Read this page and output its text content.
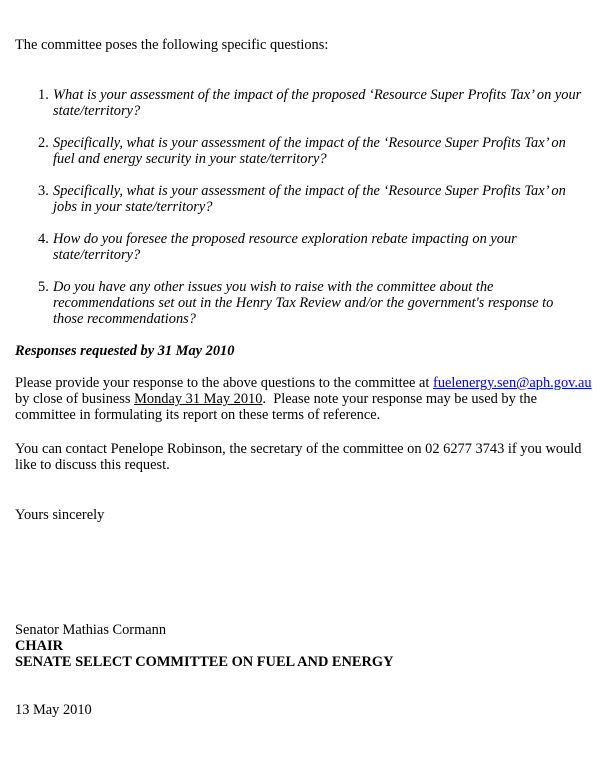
The committee poses the following specific questions:
1. What is your assessment of the impact of the proposed ‘Resource Super Profits Tax’ on your
state/territory?
2. Specifically, what is your assessment of the impact of the ‘Resource Super Profits Tax’ on
fuel and energy security in your state/territory?
3. Specifically, what is your assessment of the impact of the ‘Resource Super Profits Tax’ on
jobs in your state/territory?
4. How do you foresee the proposed resource exploration rebate impacting on your
state/territory?
5. Do you have any other issues you wish to raise with the committee about the
recommendations set out in the Henry Tax Review and/or the government's response to
those recommendations?
Responses requested by 31 May 2010
Please provide your response to the above questions to the committee at fuelenergy.sen@aph.gov.au
by close of business Monday 31 May 2010.  Please note your response may be used by the
committee in formulating its report on these terms of reference.
You can contact Penelope Robinson, the secretary of the committee on 02 6277 3743 if you would
like to discuss this request.
Yours sincerely
Senator Mathias Cormann
CHAIR
SENATE SELECT COMMITTEE ON FUEL AND ENERGY
13 May 2010
